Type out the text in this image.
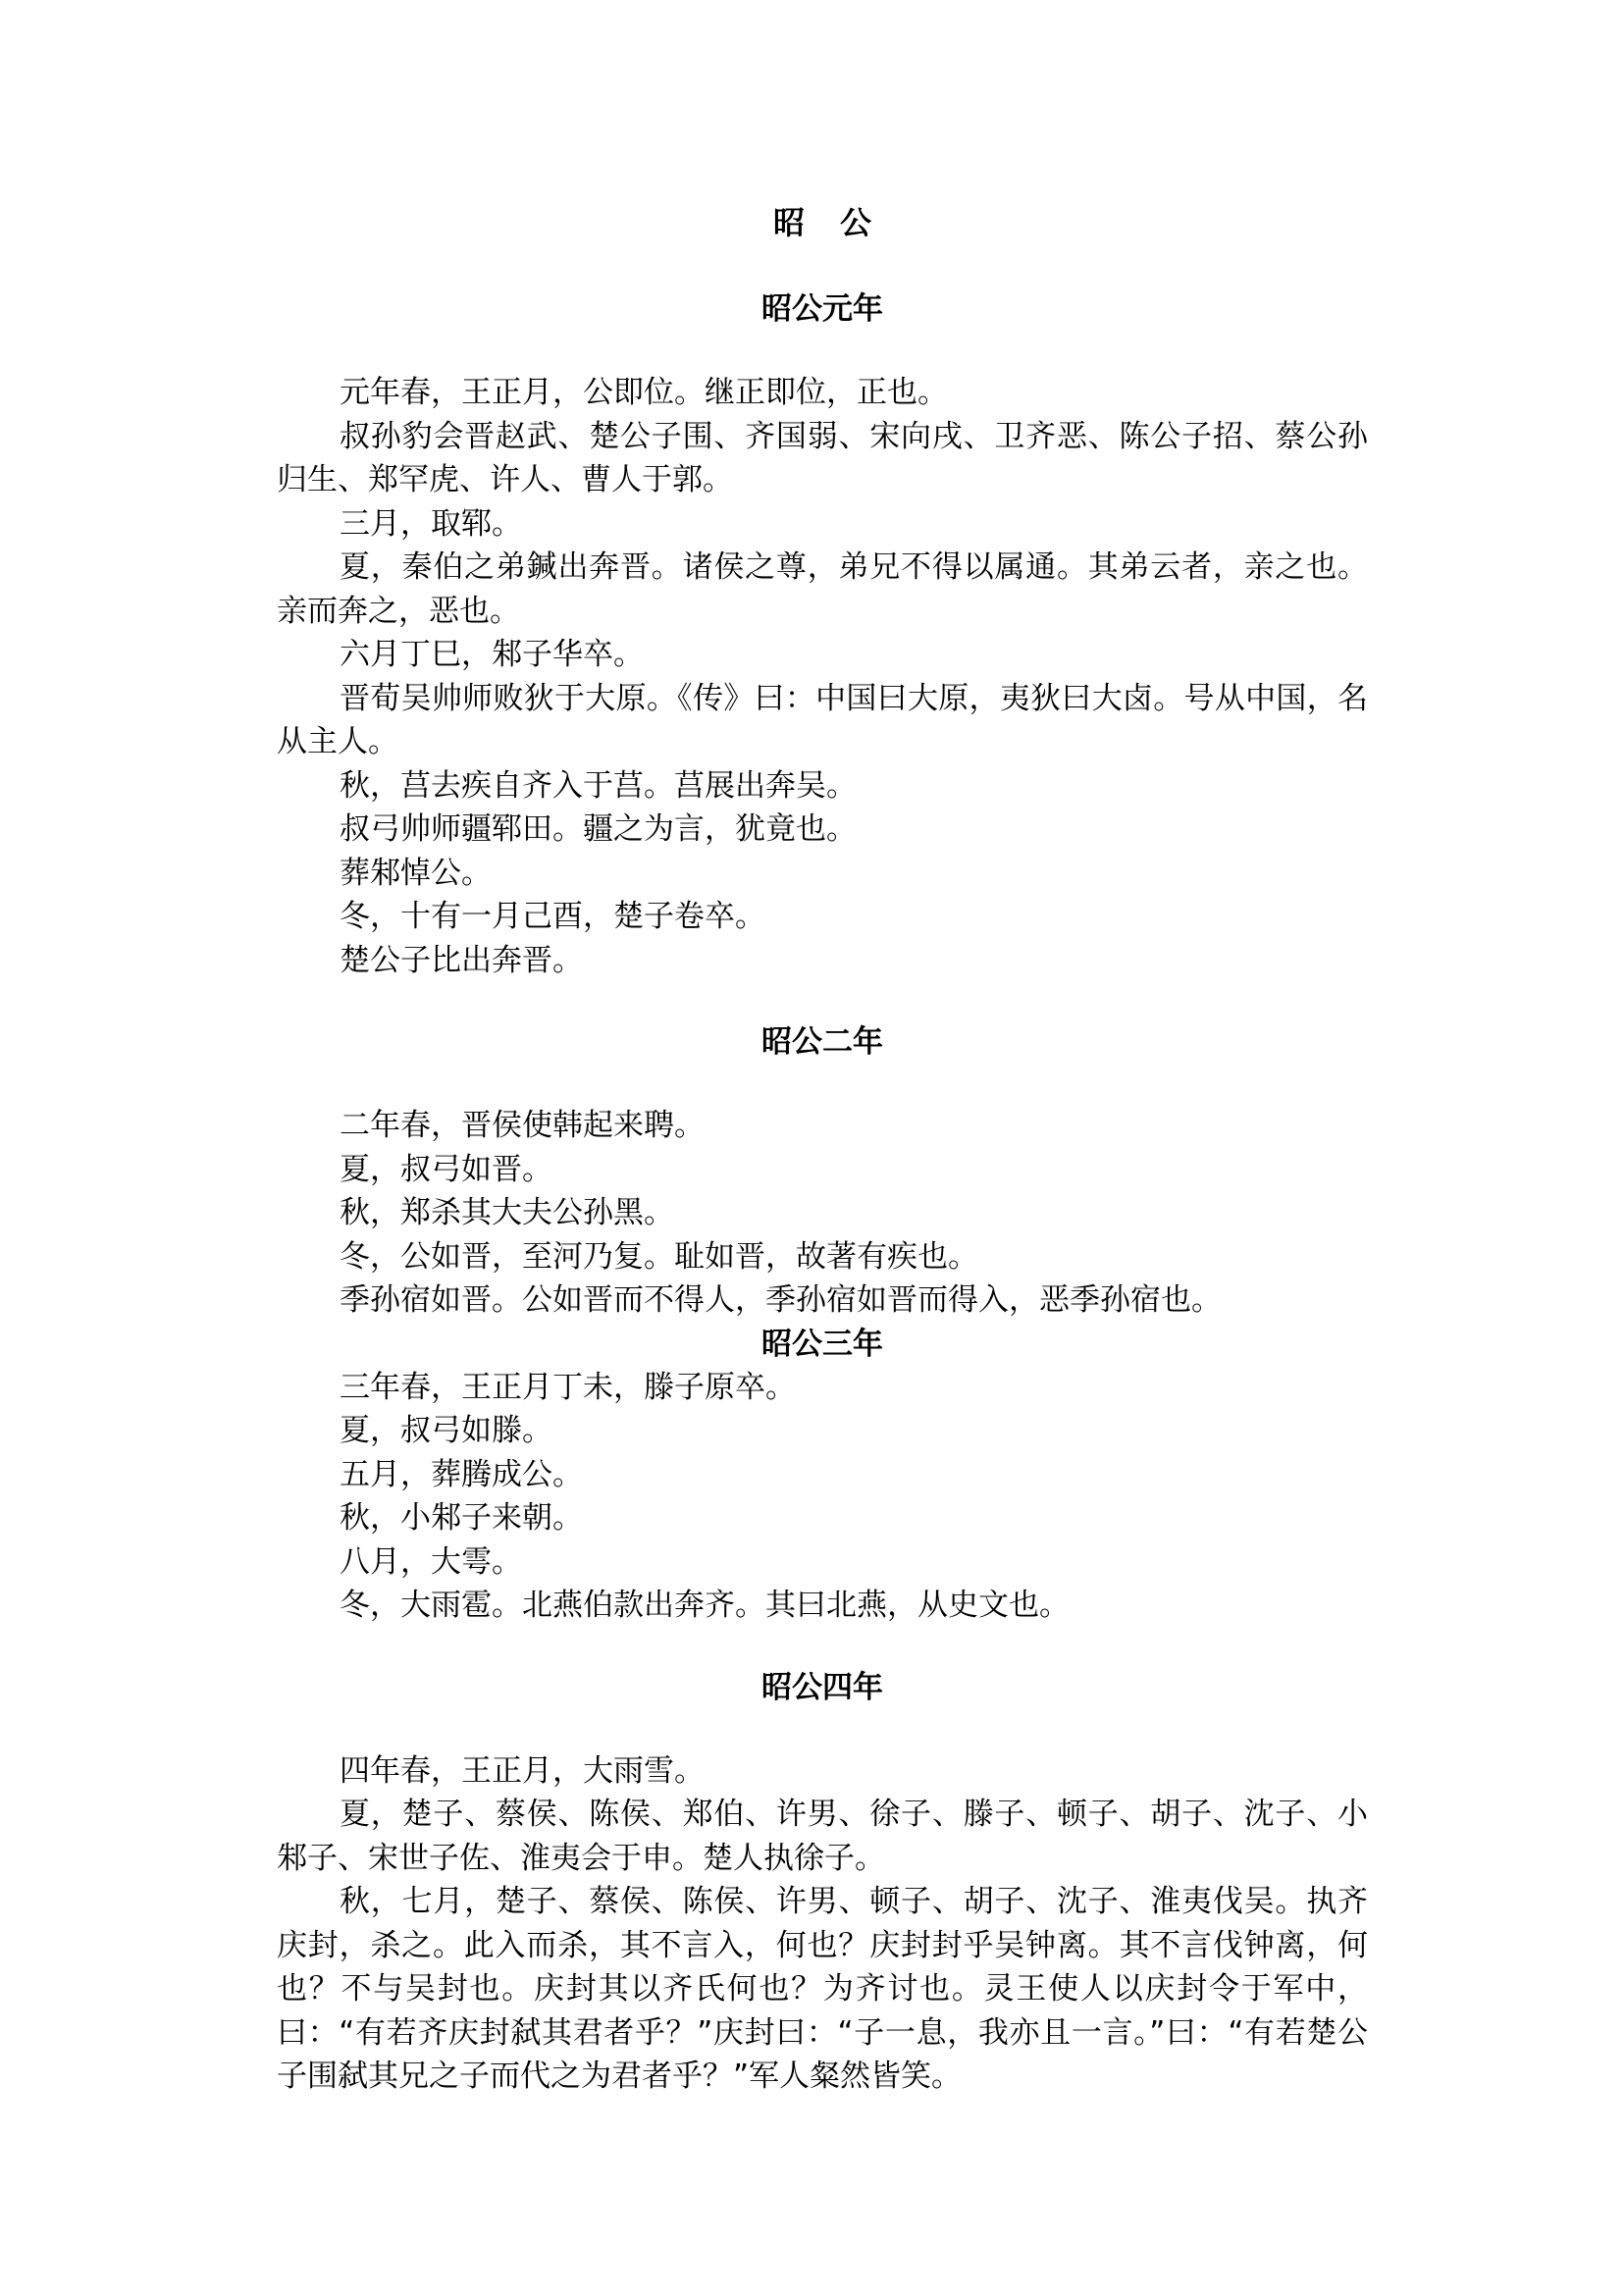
昭 公
昭公元年

元年春，王正月，公即位。继正即位，正也。

叔孙豹会晋赵武、楚公子围、齐国弱、宋向戌、卫齐恶、陈公子招、蔡公孙归生、郑罕虎、许人、曹人于郭。

三月，取郓。

夏，秦伯之弟鍼出奔晋。诸侯之尊，弟兄不得以属通。其弟云者，亲之也。亲而奔之，恶也。

六月丁巳，邾子华卒。

晋荀吴帅师败狄于大原。《传》曰：中国曰大原，夷狄曰大卤。号从中国，名从主人。

秋，莒去疾自齐入于莒。莒展出奔吴。

叔弓帅师疆郓田。疆之为言，犹竟也。

葬邾悼公。

冬，十有一月己酉，楚子卷卒。

楚公子比出奔晋。

昭公二年

二年春，晋侯使韩起来聘。

夏，叔弓如晋。

秋，郑杀其大夫公孙黑。

冬，公如晋，至河乃复。耻如晋，故著有疾也。

季孙宿如晋。公如晋而不得人，季孙宿如晋而得入，恶季孙宿也。

昭公三年

三年春，王正月丁未，滕子原卒。

夏，叔弓如滕。

五月，葬腾成公。

秋，小邾子来朝。

八月，大雩。

冬，大雨雹。北燕伯款出奔齐。其曰北燕，从史文也。

昭公四年

四年春，王正月，大雨雪。

夏，楚子、蔡侯、陈侯、郑伯、许男、徐子、滕子、顿子、胡子、沈子、小邾子、宋世子佐、淮夷会于申。楚人执徐子。

秋，七月，楚子、蔡侯、陈侯、许男、顿子、胡子、沈子、淮夷伐吴。执齐庆封，杀之。此入而杀，其不言入，何也？庆封封乎吴钟离。其不言伐钟离，何也？不与吴封也。庆封其以齐氏何也？为齐讨也。灵王使人以庆封令于军中，曰：“有若齐庆封弑其君者乎？”庆封曰：“子一息，我亦且一言。”曰：“有若楚公子围弑其兄之子而代之为君者乎？”军人粲然皆笑。
